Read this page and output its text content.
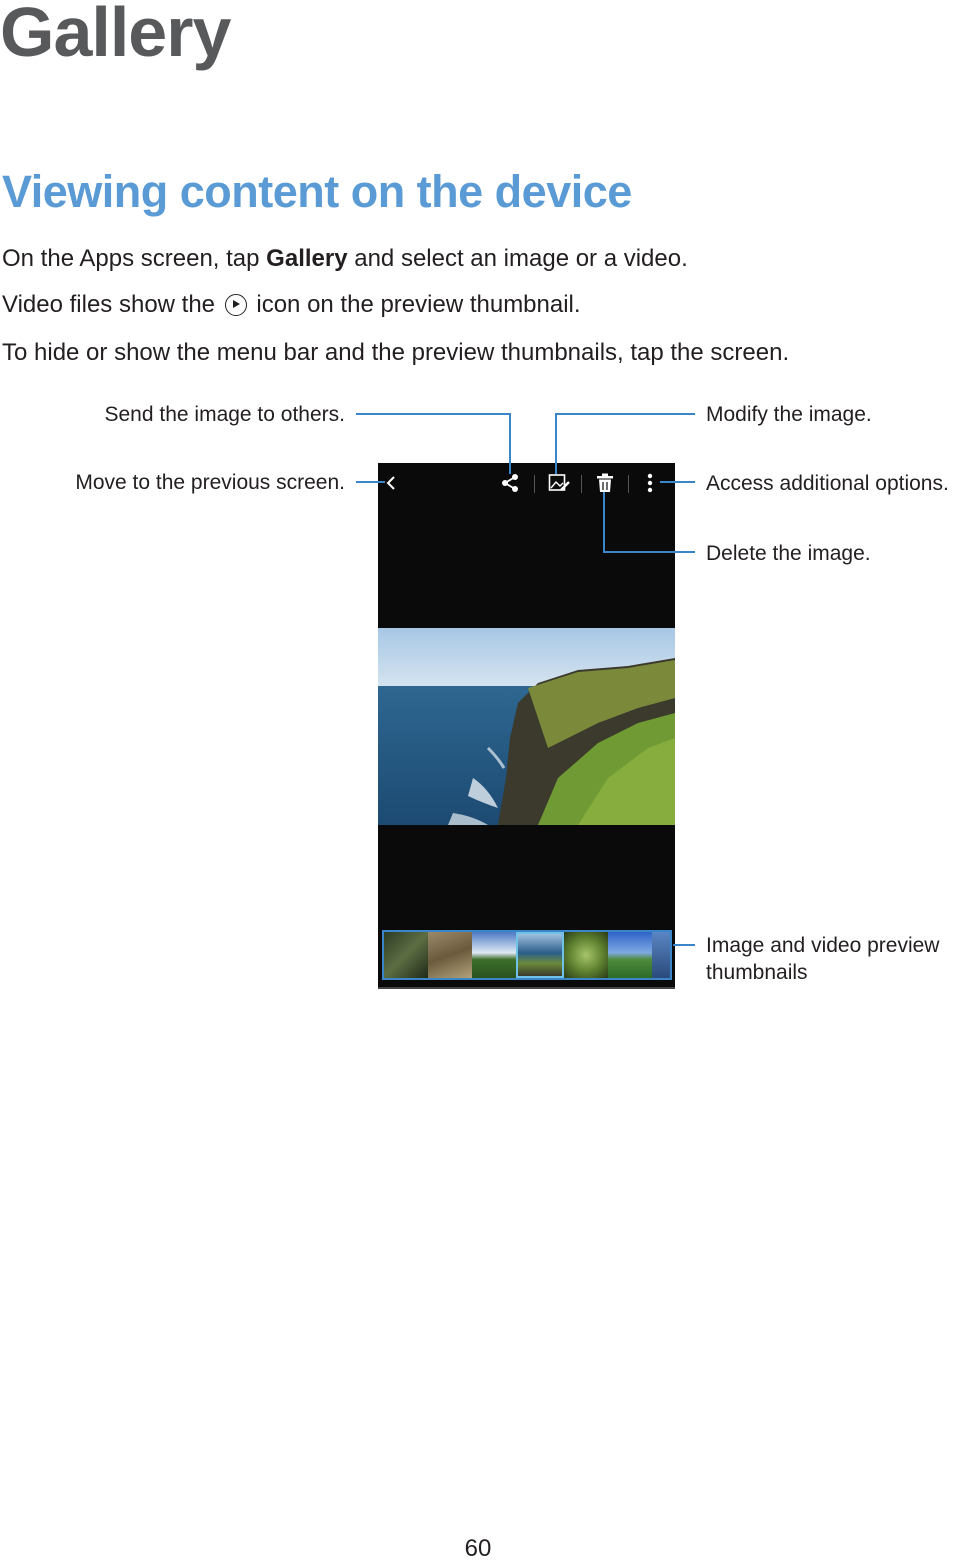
Gallery
Viewing content on the device

On the Apps screen, tap Gallery and select an image or a video.

Video files show the  icon on the preview thumbnail.

To hide or show the menu bar and the preview thumbnails, tap the screen.

Send the image to others.
Move to the previous screen.
Modify the image.
Access additional options.
Delete the image.
Image and video preview
thumbnails
60
